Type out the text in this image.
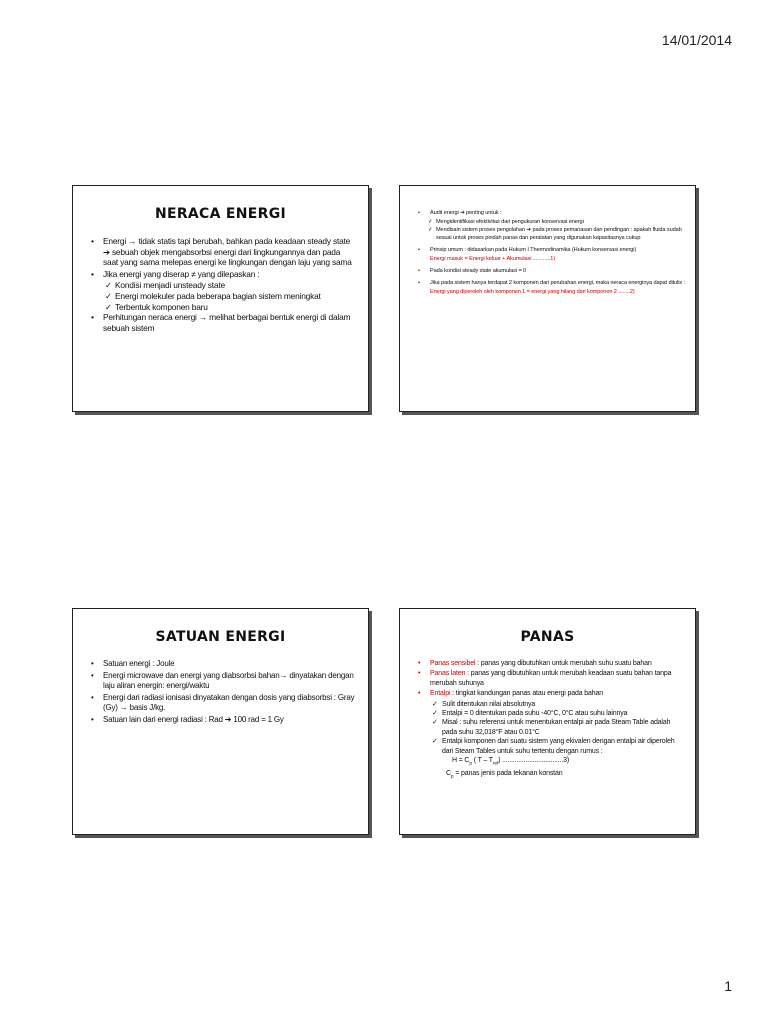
14/01/2014
NERACA ENERGI
• Energi → tidak statis tapi berubah, bahkan pada keadaan steady state ➔ sebuah objek mengabsorbsi energi dari lingkungannya dan pada saat yang sama melepas energi ke lingkungan dengan laju yang sama
• Jika energi yang diserap ≠ yang dilepaskan :
✓ Kondisi menjadi unsteady state
✓ Energi molekuler pada beberapa bagian sistem meningkat
✓ Terbentuk komponen baru
• Perhitungan neraca energi → melihat berbagai bentuk energi di dalam sebuah sistem
• Audit energi ➔ penting untuk :
✓ Mengidentifikasi efektivitas dari pengukuran konservasi energi
✓ Mendisain sistem proses pengolahan ➔ pada proses pemanasan dan pendingan : apakah fluida sudah sesuai untuk proses pindah panas dan peralatan yang digunakan kapasitasnya cukup
• Prinsip umum : didasarkan pada Hukum I Thermodinamika (Hukum konservasi energi)
Energi masuk = Energi keluar + Akumulasi ............1)
• Pada kondisi steady state akumulasi = 0
• Jika pada sistem hanya terdapat 2 komponen dari perubahan energi, maka neraca energinya dapat ditulis :
Energi yang diperoleh oleh komponen 1 = energi yang hilang dari komponen 2 ........2)
SATUAN ENERGI
• Satuan energi : Joule
• Energi microwave dan energi yang diabsorbsi bahan→ dinyatakan dengan laju aliran energin: energi/waktu
• Energi dari radiasi ionisasi dinyatakan dengan dosis yang diabsorbsi : Gray (Gy) → basis J/kg.
• Satuan lain dari energi radiasi : Rad ➔ 100 rad = 1 Gy
PANAS
• Panas sensibel : panas yang dibutuhkan untuk merubah suhu suatu bahan
• Panas laten : panas yang dibutuhkan untuk merubah keadaan suatu bahan tanpa merubah suhunya
• Entalpi : tingkat kandungan panas atau energi pada bahan
✓ Sulit ditentukan nilai absolutnya
✓ Entalpi = 0 ditentukan pada suhu -40°C, 0°C atau suhu lainnya
✓ Misal : suhu referensi untuk menentukan entalpi air pada Steam Table adalah pada suhu 32,018°F atau 0.01°C
✓ Entalpi komponen dari suatu sistem yang ekivalen dengan entalpi air diperoleh dari Steam Tables untuk suhu tertentu dengan rumus :
$H = C_p$ ( T – $T_{ref}$) ..................................3)
$C_p$ = panas jenis pada tekanan konstan
1
